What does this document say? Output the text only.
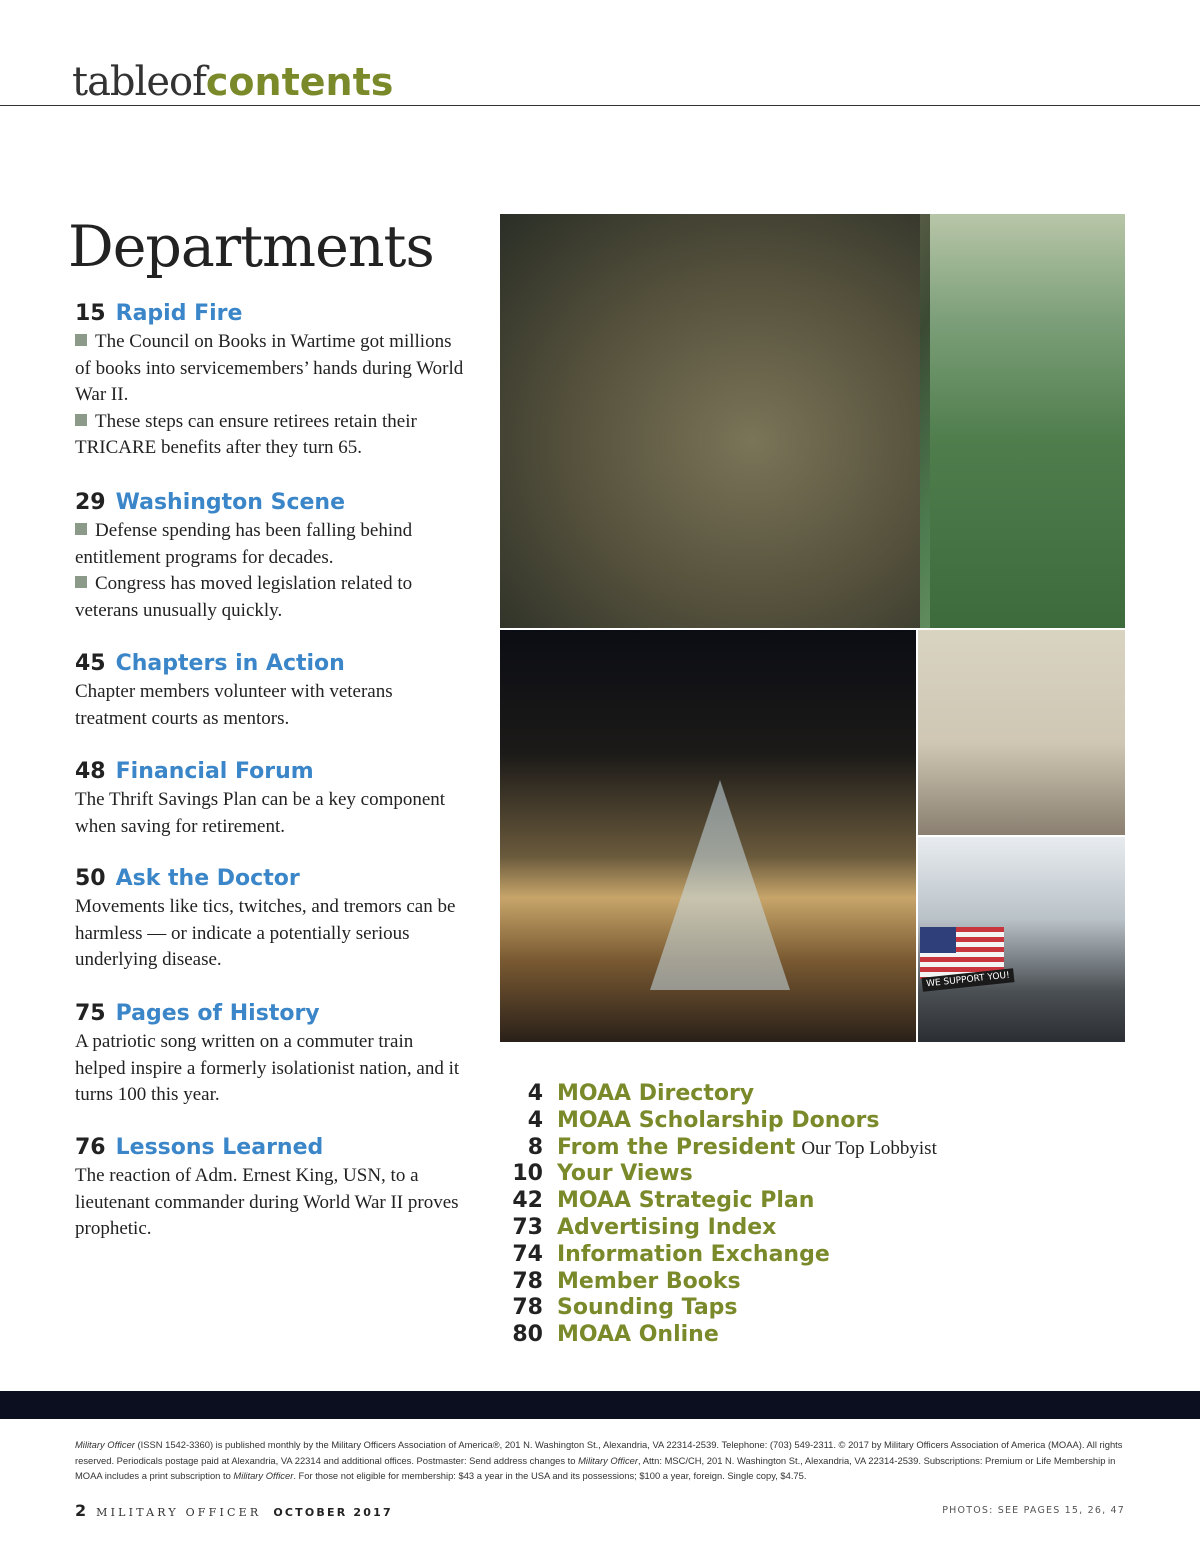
tableofcontents
Departments
15 Rapid Fire
The Council on Books in Wartime got millions of books into servicemembers’ hands during World War II.
These steps can ensure retirees retain their TRICARE benefits after they turn 65.
29 Washington Scene
Defense spending has been falling behind entitlement programs for decades.
Congress has moved legislation related to veterans unusually quickly.
45 Chapters in Action
Chapter members volunteer with veterans treatment courts as mentors.
48 Financial Forum
The Thrift Savings Plan can be a key component when saving for retirement.
50 Ask the Doctor
Movements like tics, twitches, and tremors can be harmless — or indicate a potentially serious underlying disease.
75 Pages of History
A patriotic song written on a commuter train helped inspire a formerly isolationist nation, and it turns 100 this year.
76 Lessons Learned
The reaction of Adm. Ernest King, USN, to a lieutenant commander during World War II proves prophetic.
WE SUPPORT YOU!
4 MOAA Directory
4 MOAA Scholarship Donors
8 From the President Our Top Lobbyist
10 Your Views
42 MOAA Strategic Plan
73 Advertising Index
74 Information Exchange
78 Member Books
78 Sounding Taps
80 MOAA Online
Military Officer (ISSN 1542-3360) is published monthly by the Military Officers Association of America®, 201 N. Washington St., Alexandria, VA 22314-2539. Telephone: (703) 549-2311. © 2017 by Military Officers Association of America (MOAA). All rights reserved. Periodicals postage paid at Alexandria, VA 22314 and additional offices. Postmaster: Send address changes to Military Officer, Attn: MSC/CH, 201 N. Washington St., Alexandria, VA 22314-2539. Subscriptions: Premium or Life Membership in MOAA includes a print subscription to Military Officer. For those not eligible for membership: $43 a year in the USA and its possessions; $100 a year, foreign. Single copy, $4.75.
2 MILITARY OFFICER OCTOBER 2017	PHOTOS: SEE PAGES 15, 26, 47
